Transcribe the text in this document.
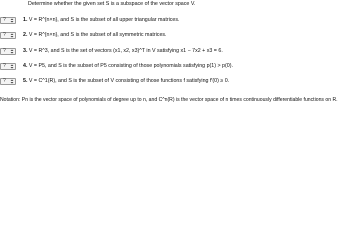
Determine whether the given set S is a subspace of the vector space V.
?	1. V = R^{n×n}, and S is the subset of all upper triangular matrices.
?	2. V = R^{n×n}, and S is the subset of all symmetric matrices.
?	3. V = R^3, and S is the set of vectors (x1, x2, x3)^T in V satisfying x1 − 7x2 + x3 = 6.
?	4. V = P5, and S is the subset of P5 consisting of those polynomials satisfying p(1) > p(0).
?	5. V = C^1(R), and S is the subset of V consisting of those functions f satisfying f′(0) ≥ 0.
Notation: Pn is the vector space of polynomials of degree up to n, and C^n(R) is the vector space of n times continuously differentiable functions on R.
